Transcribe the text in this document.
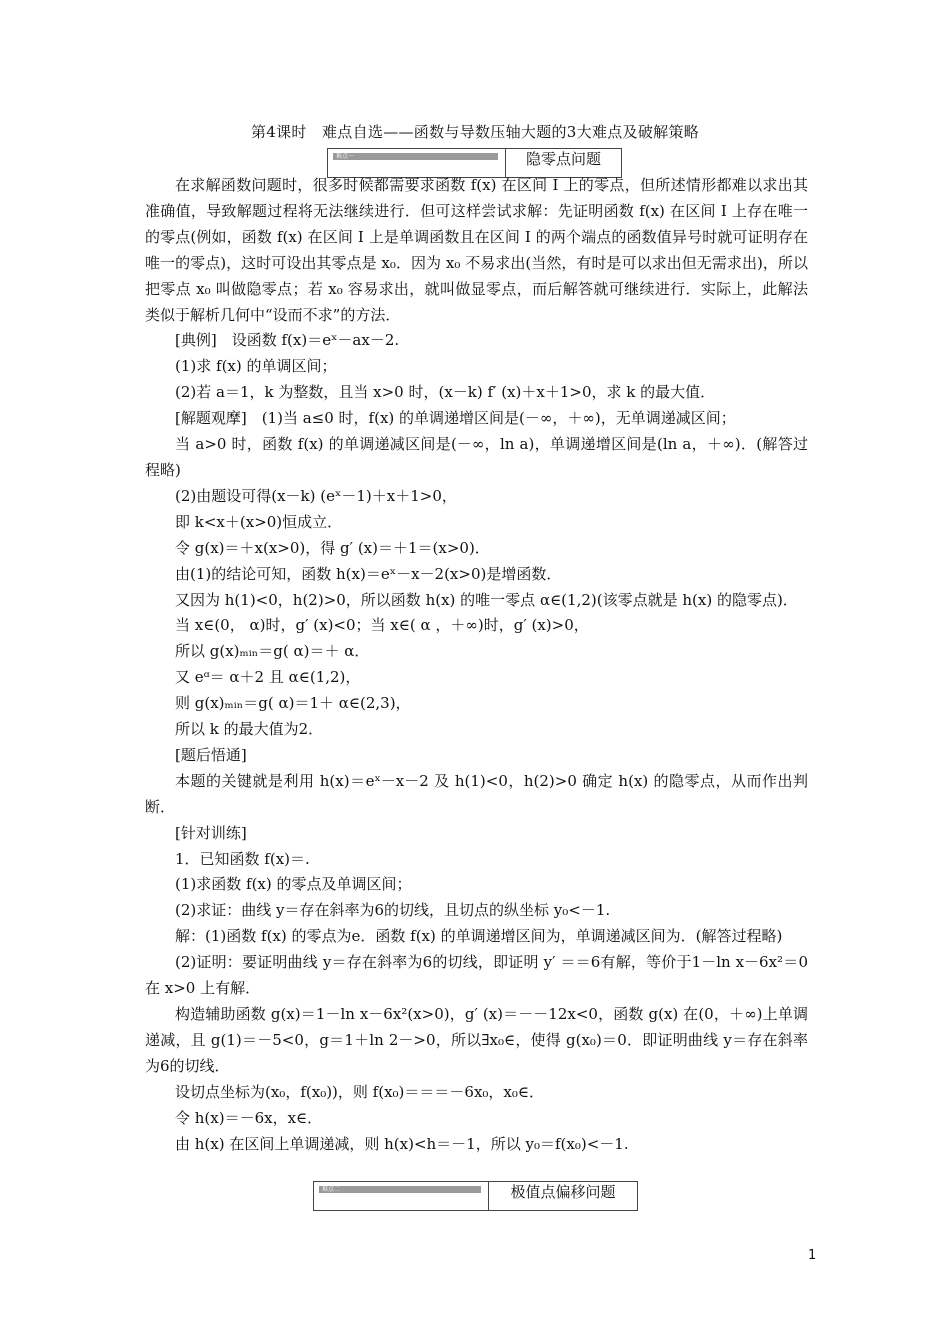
第4课时　难点自选——函数与导数压轴大题的3大难点及破解策略
难点一	隐零点问题

在求解函数问题时，很多时候都需要求函数 f(x) 在区间 I 上的零点，但所述情形都难以求出其准确值，导致解题过程将无法继续进行．但可这样尝试求解：先证明函数 f(x) 在区间 I 上存在唯一的零点(例如，函数 f(x) 在区间 I 上是单调函数且在区间 I 的两个端点的函数值异号时就可证明存在唯一的零点)，这时可设出其零点是 x₀．因为 x₀ 不易求出(当然，有时是可以求出但无需求出)，所以把零点 x₀ 叫做隐零点；若 x₀ 容易求出，就叫做显零点，而后解答就可继续进行．实际上，此解法类似于解析几何中“设而不求”的方法．

[典例]　设函数 f(x)＝eˣ－ax－2.

(1)求 f(x) 的单调区间；

(2)若 a＝1，k 为整数，且当 x>0 时，(x－k) f′ (x)＋x＋1>0，求 k 的最大值．

[解题观摩]　(1)当 a≤0 时，f(x) 的单调递增区间是(－∞，＋∞)，无单调递减区间；

当 a>0 时，函数 f(x) 的单调递减区间是(－∞，ln a)，单调递增区间是(ln a，＋∞)．(解答过程略)

(2)由题设可得(x－k) (eˣ－1)＋x＋1>0，

即 k<x＋(x>0)恒成立．

令 g(x)＝＋x(x>0)，得 g′ (x)＝＋1＝(x>0)．

由(1)的结论可知，函数 h(x)＝eˣ－x－2(x>0)是增函数．

又因为 h(1)<0，h(2)>0，所以函数 h(x) 的唯一零点 α∈(1,2)(该零点就是 h(x) 的隐零点)．

当 x∈(0， α)时，g′ (x)<0；当 x∈( α ，＋∞)时，g′ (x)>0，

所以 g(x)ₘᵢₙ＝g( α)＝＋ α．

又 eᵅ＝ α＋2 且 α∈(1,2)，

则 g(x)ₘᵢₙ＝g( α)＝1＋ α∈(2,3)，

所以 k 的最大值为2．

[题后悟通]

本题的关键就是利用 h(x)＝eˣ－x－2 及 h(1)<0，h(2)>0 确定 h(x) 的隐零点，从而作出判断．

[针对训练]

1．已知函数 f(x)＝.

(1)求函数 f(x) 的零点及单调区间；

(2)求证：曲线 y＝存在斜率为6的切线，且切点的纵坐标 y₀<－1.

解：(1)函数 f(x) 的零点为e．函数 f(x) 的单调递增区间为，单调递减区间为．(解答过程略)

(2)证明：要证明曲线 y＝存在斜率为6的切线，即证明 y′ ＝＝6有解，等价于1－ln x－6x²＝0 在 x>0 上有解．

构造辅助函数 g(x)＝1－ln x－6x²(x>0)，g′ (x)＝－－12x<0，函数 g(x) 在(0，＋∞)上单调递减，且 g(1)＝－5<0，g＝1＋ln 2－>0，所以∃x₀∈，使得 g(x₀)＝0．即证明曲线 y＝存在斜率为6的切线．

设切点坐标为(x₀，f(x₀))，则 f(x₀)＝＝＝－6x₀，x₀∈．

令 h(x)＝－6x，x∈．

由 h(x) 在区间上单调递减，则 h(x)<h＝－1，所以 y₀＝f(x₀)<－1.

难点二	极值点偏移问题
1
